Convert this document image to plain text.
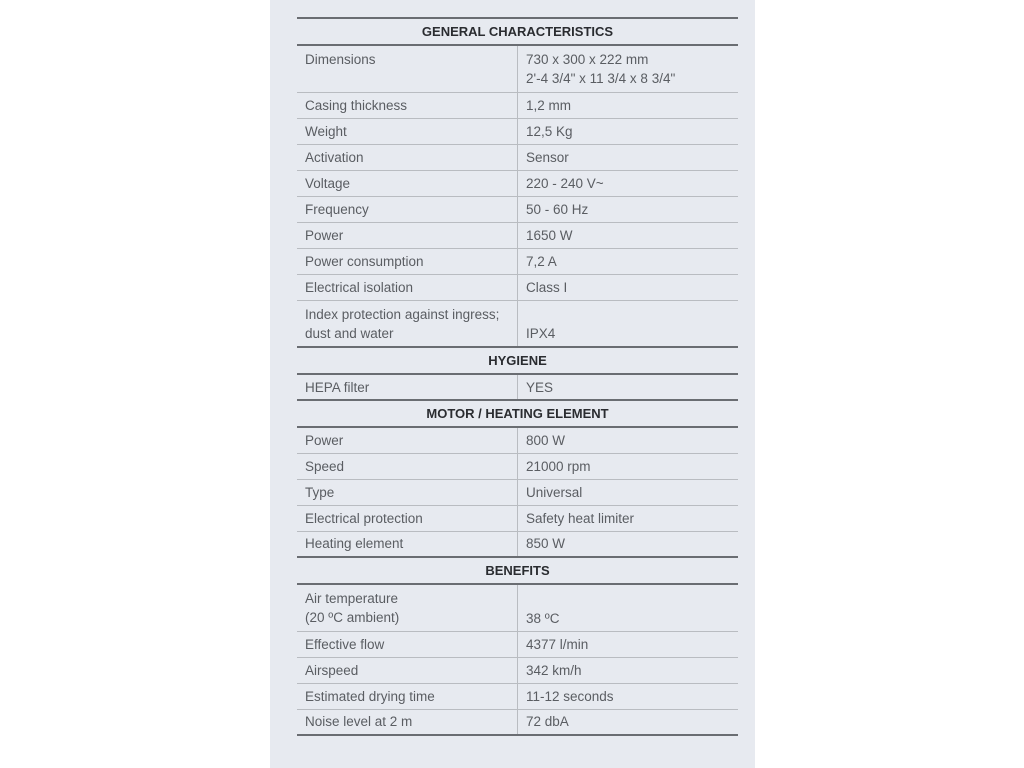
GENERAL CHARACTERISTICS	

Dimensions	730 x 300 x 222 mm
2'-4 3/4" x 11 3/4 x 8 3/4"

Casing thickness	1,2 mm

Weight	12,5 Kg

Activation	Sensor

Voltage	220 - 240 V~

Frequency	50 - 60 Hz

Power	1650 W

Power consumption	7,2 A

Electrical isolation	Class I

Index protection against ingress;
dust and water	IPX4

HYGIENE	

HEPA filter	YES

MOTOR / HEATING ELEMENT	

Power	800 W

Speed	21000 rpm

Type	Universal

Electrical protection	Safety heat limiter

Heating element	850 W

BENEFITS	

Air temperature
(20 ºC ambient)	38 ºC

Effective flow	4377 l/min

Airspeed	342 km/h

Estimated drying time	11-12 seconds

Noise level at 2 m	72 dbA
